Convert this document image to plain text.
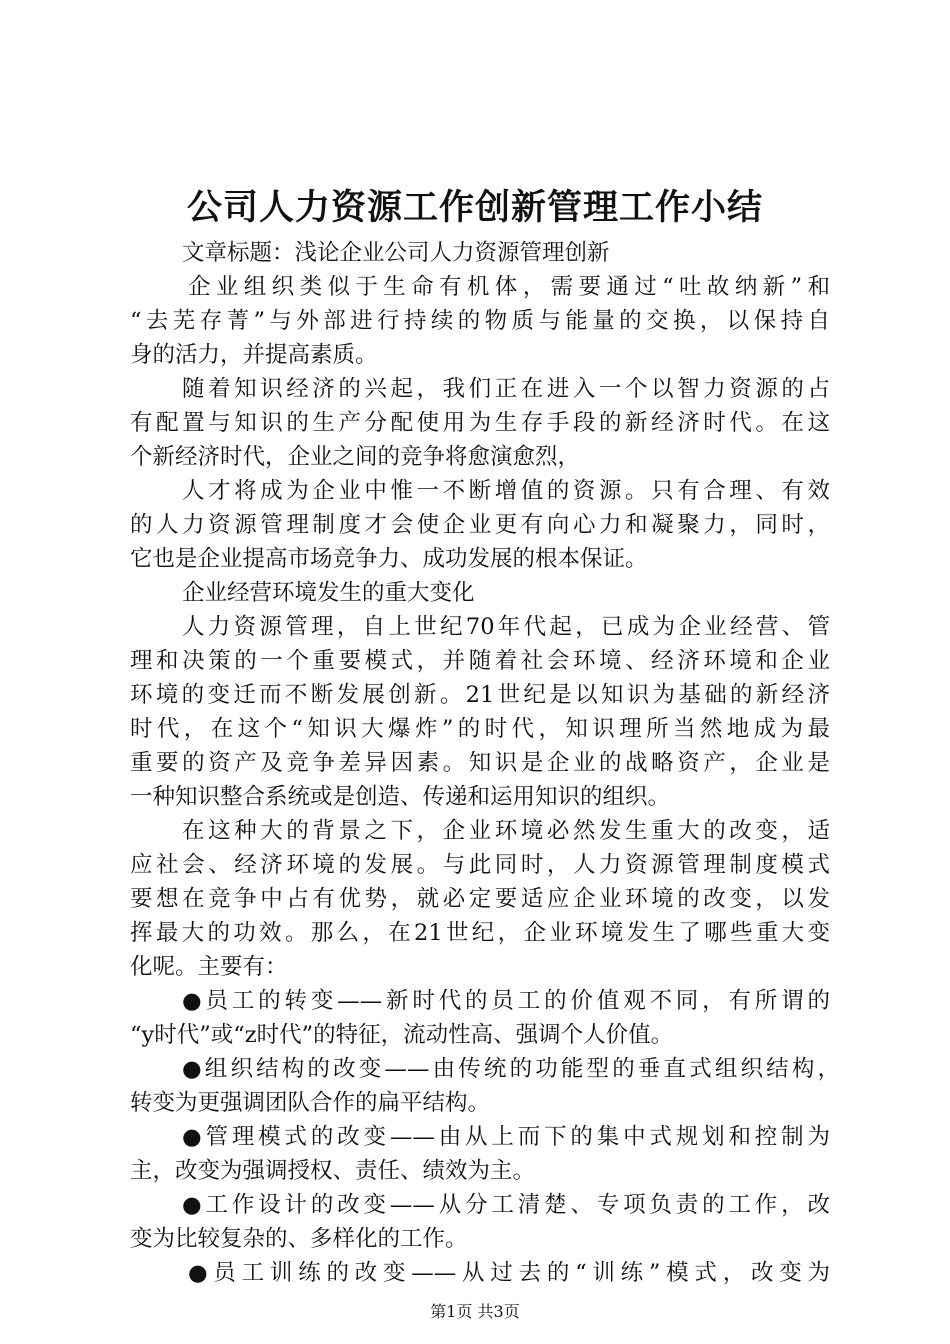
公司人力资源工作创新管理工作小结
文章标题：浅论企业公司人力资源管理创新
企业组织类似于生命有机体，需要通过“吐故纳新”和
“去芜存菁”与外部进行持续的物质与能量的交换，以保持自
身的活力，并提高素质。
随着知识经济的兴起，我们正在进入一个以智力资源的占
有配置与知识的生产分配使用为生存手段的新经济时代。在这
个新经济时代，企业之间的竞争将愈演愈烈，
人才将成为企业中惟一不断增值的资源。只有合理、有效
的人力资源管理制度才会使企业更有向心力和凝聚力，同时，
它也是企业提高市场竞争力、成功发展的根本保证。
企业经营环境发生的重大变化
人力资源管理，自上世纪70年代起，已成为企业经营、管
理和决策的一个重要模式，并随着社会环境、经济环境和企业
环境的变迁而不断发展创新。21世纪是以知识为基础的新经济
时代，在这个“知识大爆炸”的时代，知识理所当然地成为最
重要的资产及竞争差异因素。知识是企业的战略资产，企业是
一种知识整合系统或是创造、传递和运用知识的组织。
在这种大的背景之下，企业环境必然发生重大的改变，适
应社会、经济环境的发展。与此同时，人力资源管理制度模式
要想在竞争中占有优势，就必定要适应企业环境的改变，以发
挥最大的功效。那么，在21世纪，企业环境发生了哪些重大变
化呢。主要有：
●员工的转变——新时代的员工的价值观不同，有所谓的
“y时代”或“z时代”的特征，流动性高、强调个人价值。
●组织结构的改变——由传统的功能型的垂直式组织结构，
转变为更强调团队合作的扁平结构。
●管理模式的改变——由从上而下的集中式规划和控制为
主，改变为强调授权、责任、绩效为主。
●工作设计的改变——从分工清楚、专项负责的工作，改
变为比较复杂的、多样化的工作。
●员工训练的改变——从过去的“训练”模式，改变为
第1页 共3页
